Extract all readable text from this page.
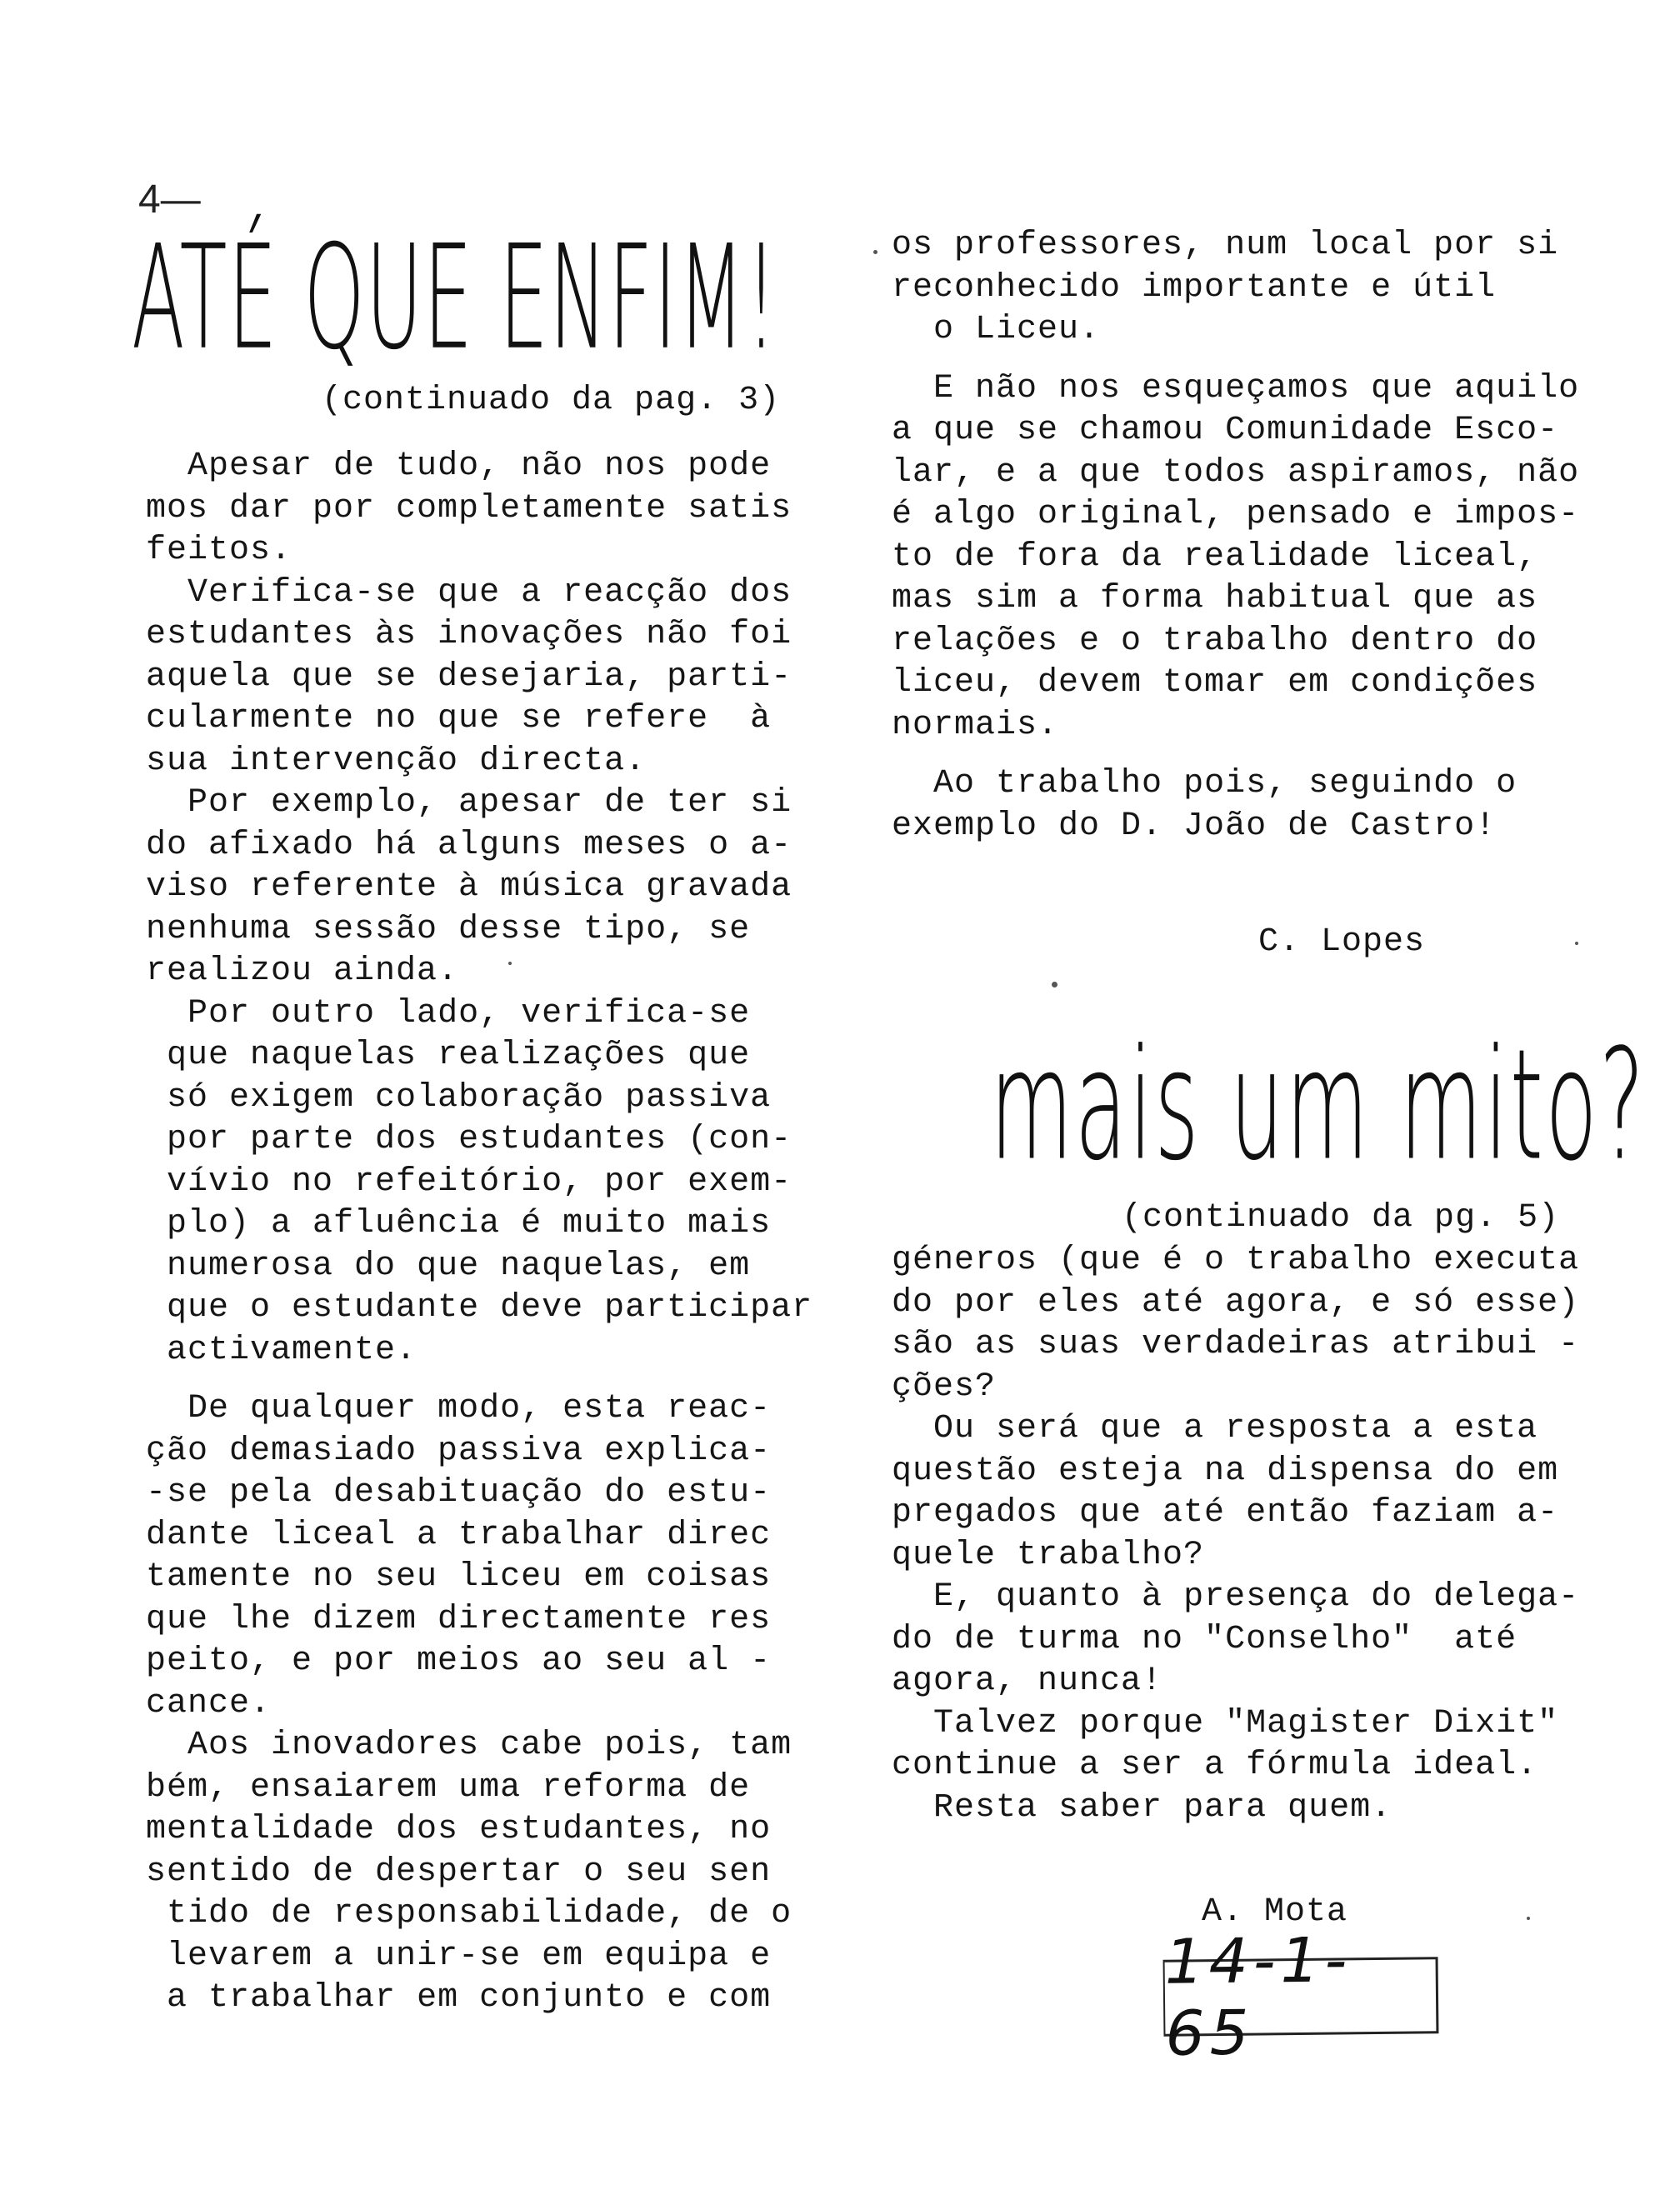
4—
ATÉ QUE ENFIM!
(continuado da pag. 3)
Apesar de tudo, não nos pode
mos dar por completamente satis
feitos.
Verifica-se que a reacção dos
estudantes às inovações não foi
aquela que se desejaria, parti-
cularmente no que se refere  à
sua intervenção directa.
Por exemplo, apesar de ter si
do afixado há alguns meses o a-
viso referente à música gravada
nenhuma sessão desse tipo, se
realizou ainda.
Por outro lado, verifica-se
que naquelas realizações que
só exigem colaboração passiva
por parte dos estudantes (con-
vívio no refeitório, por exem-
plo) a afluência é muito mais
numerosa do que naquelas, em
que o estudante deve participar
activamente.
De qualquer modo, esta reac-
ção demasiado passiva explica-
-se pela desabituação do estu-
dante liceal a trabalhar direc
tamente no seu liceu em coisas
que lhe dizem directamente res
peito, e por meios ao seu al -
cance.
Aos inovadores cabe pois, tam
bém, ensaiarem uma reforma de
mentalidade dos estudantes, no
sentido de despertar o seu sen
tido de responsabilidade, de o
levarem a unir-se em equipa e
a trabalhar em conjunto e com
os professores, num local por si
reconhecido importante e útil
o Liceu.
E não nos esqueçamos que aquilo
a que se chamou Comunidade Esco-
lar, e a que todos aspiramos, não
é algo original, pensado e impos-
to de fora da realidade liceal,
mas sim a forma habitual que as
relações e o trabalho dentro do
liceu, devem tomar em condições
normais.
Ao trabalho pois, seguindo o
exemplo do D. João de Castro!
C. Lopes
mais um mito?
(continuado da pg. 5)
géneros (que é o trabalho executa
do por eles até agora, e só esse)
são as suas verdadeiras atribui -
ções?
Ou será que a resposta a esta
questão esteja na dispensa do em
pregados que até então faziam a-
quele trabalho?
E, quanto à presença do delega-
do de turma no "Conselho"  até
agora, nunca!
Talvez porque "Magister Dixit"
continue a ser a fórmula ideal.
Resta saber para quem.
A. Mota
14-1-65
